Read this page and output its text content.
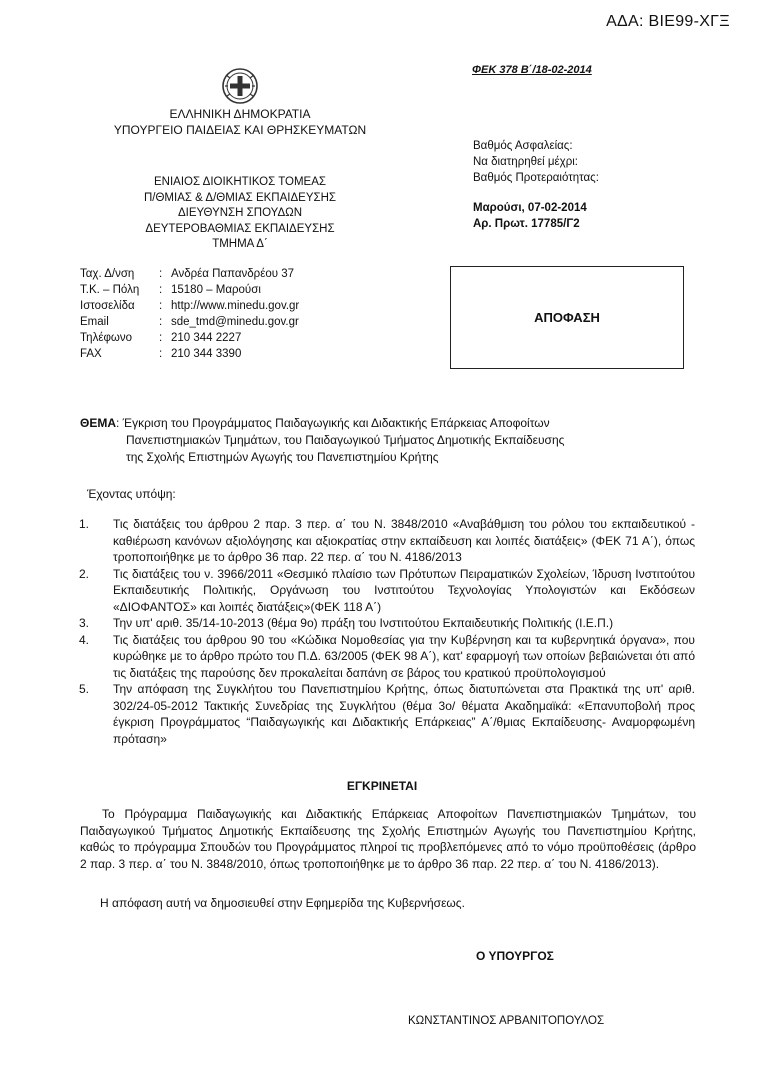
ΑΔΑ: ΒΙΕ99-ΧΓΞ
ΦΕΚ 378 Β΄/18-02-2014
ΕΛΛΗΝΙΚΗ ΔΗΜΟΚΡΑΤΙΑ
ΥΠΟΥΡΓΕΙΟ ΠΑΙΔΕΙΑΣ ΚΑΙ ΘΡΗΣΚΕΥΜΑΤΩΝ
ΕΝΙΑΙΟΣ ΔΙΟΙΚΗΤΙΚΟΣ ΤΟΜΕΑΣ
Π/ΘΜΙΑΣ & Δ/ΘΜΙΑΣ ΕΚΠΑΙΔΕΥΣΗΣ
ΔΙΕΥΘΥΝΣΗ ΣΠΟΥΔΩΝ
ΔΕΥΤΕΡΟΒΑΘΜΙΑΣ ΕΚΠΑΙΔΕΥΣΗΣ
ΤΜΗΜΑ Δ΄
Βαθμός Ασφαλείας:
Να διατηρηθεί μέχρι:
Βαθμός Προτεραιότητας:
Μαρούσι, 07-02-2014
Αρ. Πρωτ. 17785/Γ2
Ταχ. Δ/νση	:	Ανδρέα Παπανδρέου 37
Τ.Κ. – Πόλη	:	15180 – Μαρούσι
Ιστοσελίδα	:	http://www.minedu.gov.gr
Email	:	sde_tmd@minedu.gov.gr
Τηλέφωνο	:	210 344 2227
FAX	:	210 344 3390
ΑΠΟΦΑΣΗ
ΘΕΜΑ: Έγκριση του Προγράμματος Παιδαγωγικής και Διδακτικής Επάρκειας Αποφοίτων
Πανεπιστημιακών Τμημάτων, του Παιδαγωγικού Τμήματος Δημοτικής Εκπαίδευσης
της Σχολής Επιστημών Αγωγής του Πανεπιστημίου Κρήτης
Έχοντας υπόψη:
1. Τις διατάξεις του άρθρου 2 παρ. 3 περ. α΄ του Ν. 3848/2010 «Αναβάθμιση του ρόλου του εκπαιδευτικού - καθιέρωση κανόνων αξιολόγησης και αξιοκρατίας στην εκπαίδευση και λοιπές διατάξεις» (ΦΕΚ 71 Α΄), όπως τροποποιήθηκε με το άρθρο 36 παρ. 22 περ. α΄ του Ν. 4186/2013
2. Τις διατάξεις του ν. 3966/2011 «Θεσμικό πλαίσιο των Πρότυπων Πειραματικών Σχολείων, Ίδρυση Ινστιτούτου Εκπαιδευτικής Πολιτικής, Οργάνωση του Ινστιτούτου Τεχνολογίας Υπολογιστών και Εκδόσεων «ΔΙΟΦΑΝΤΟΣ» και λοιπές διατάξεις»(ΦΕΚ 118 Α΄)
3. Την υπ' αριθ. 35/14-10-2013 (θέμα 9ο) πράξη του Ινστιτούτου Εκπαιδευτικής Πολιτικής (Ι.Ε.Π.)
4. Τις διατάξεις του άρθρου 90 του «Κώδικα Νομοθεσίας για την Κυβέρνηση και τα κυβερνητικά όργανα», που κυρώθηκε με το άρθρο πρώτο του Π.Δ. 63/2005 (ΦΕΚ 98 Α΄), κατ' εφαρμογή των οποίων βεβαιώνεται ότι από τις διατάξεις της παρούσης δεν προκαλείται δαπάνη σε βάρος του κρατικού προϋπολογισμού
5. Την απόφαση της Συγκλήτου του Πανεπιστημίου Κρήτης, όπως διατυπώνεται στα Πρακτικά της υπ' αριθ. 302/24-05-2012 Τακτικής Συνεδρίας της Συγκλήτου (θέμα 3ο/ θέματα Ακαδημαϊκά: «Επανυποβολή προς έγκριση Προγράμματος “Παιδαγωγικής και Διδακτικής Επάρκειας” Α΄/θμιας Εκπαίδευσης- Αναμορφωμένη πρόταση»
ΕΓΚΡΙΝΕΤΑΙ
Το Πρόγραμμα Παιδαγωγικής και Διδακτικής Επάρκειας Αποφοίτων Πανεπιστημιακών Τμημάτων, του Παιδαγωγικού Τμήματος Δημοτικής Εκπαίδευσης της Σχολής Επιστημών Αγωγής του Πανεπιστημίου Κρήτης, καθώς το πρόγραμμα Σπουδών του Προγράμματος πληροί τις προβλεπόμενες από το νόμο προϋποθέσεις (άρθρο 2 παρ. 3 περ. α΄ του Ν. 3848/2010, όπως τροποποιήθηκε με το άρθρο 36 παρ. 22 περ. α΄ του Ν. 4186/2013).
Η απόφαση αυτή να δημοσιευθεί στην Εφημερίδα της Κυβερνήσεως.
Ο ΥΠΟΥΡΓΟΣ
ΚΩΝΣΤΑΝΤΙΝΟΣ ΑΡΒΑΝΙΤΟΠΟΥΛΟΣ
